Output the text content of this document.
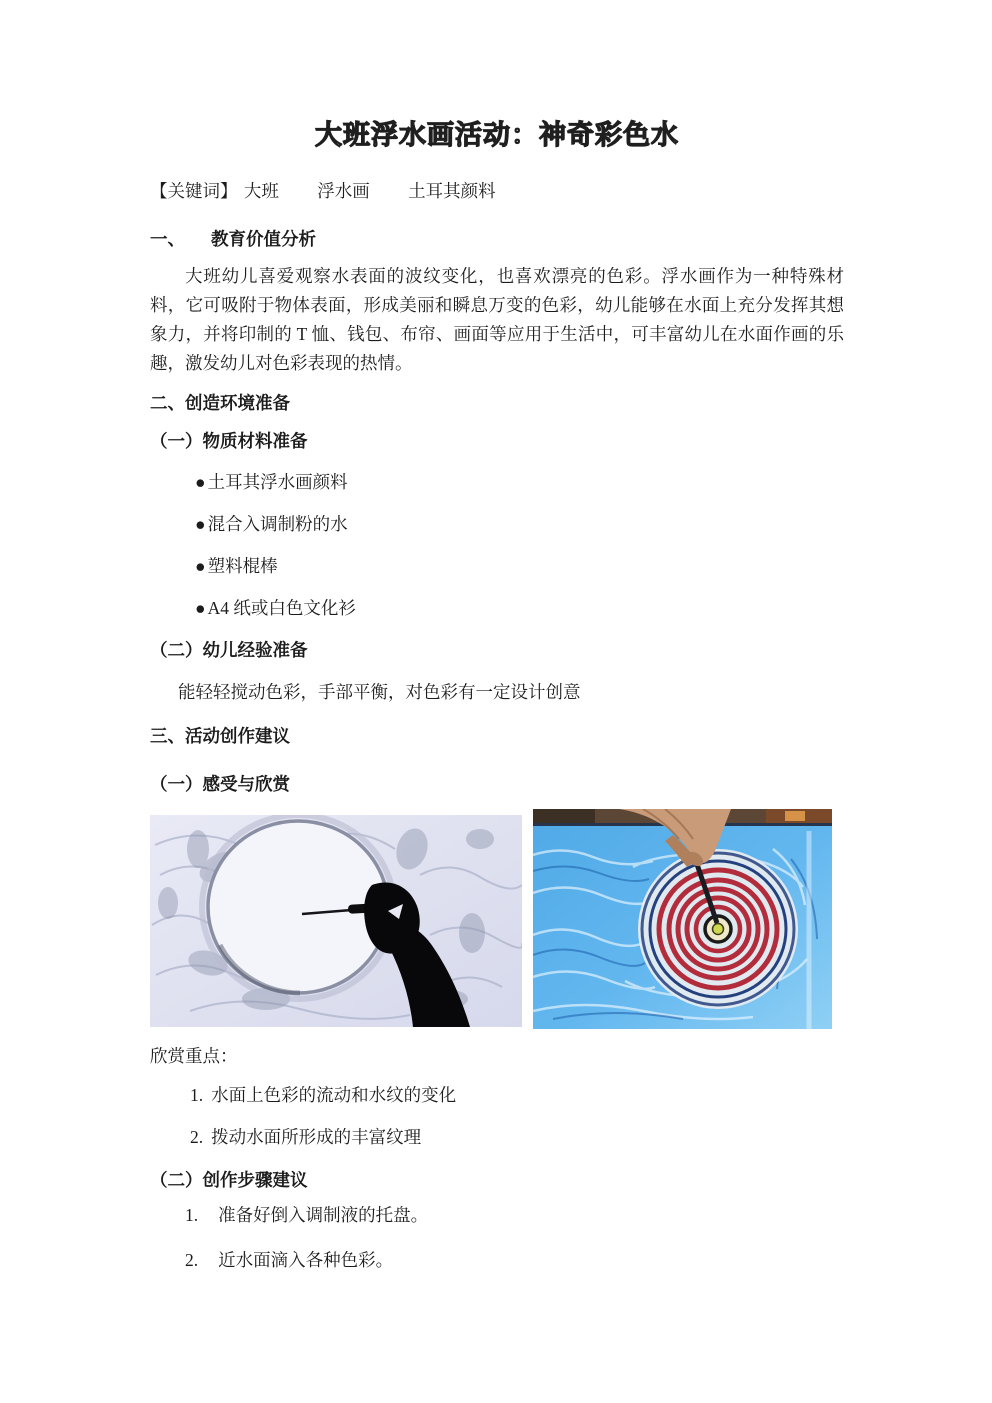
大班浮水画活动：神奇彩色水
【关键词】 大班 浮水画 土耳其颜料
一、 教育价值分析

大班幼儿喜爱观察水表面的波纹变化，也喜欢漂亮的色彩。浮水画作为一种特殊材料，它可吸附于物体表面，形成美丽和瞬息万变的色彩，幼儿能够在水面上充分发挥其想象力，并将印制的 T 恤、钱包、布帘、画面等应用于生活中，可丰富幼儿在水面作画的乐趣，激发幼儿对色彩表现的热情。

二、创造环境准备
（一）物质材料准备
● 土耳其浮水画颜料
● 混合入调制粉的水
● 塑料棍棒
● A4 纸或白色文化衫
（二）幼儿经验准备

能轻轻搅动色彩，手部平衡，对色彩有一定设计创意

三、活动创作建议
（一）感受与欣赏
欣赏重点：
1. 水面上色彩的流动和水纹的变化
2. 拨动水面所形成的丰富纹理
（二）创作步骤建议
1. 准备好倒入调制液的托盘。
2. 近水面滴入各种色彩。
